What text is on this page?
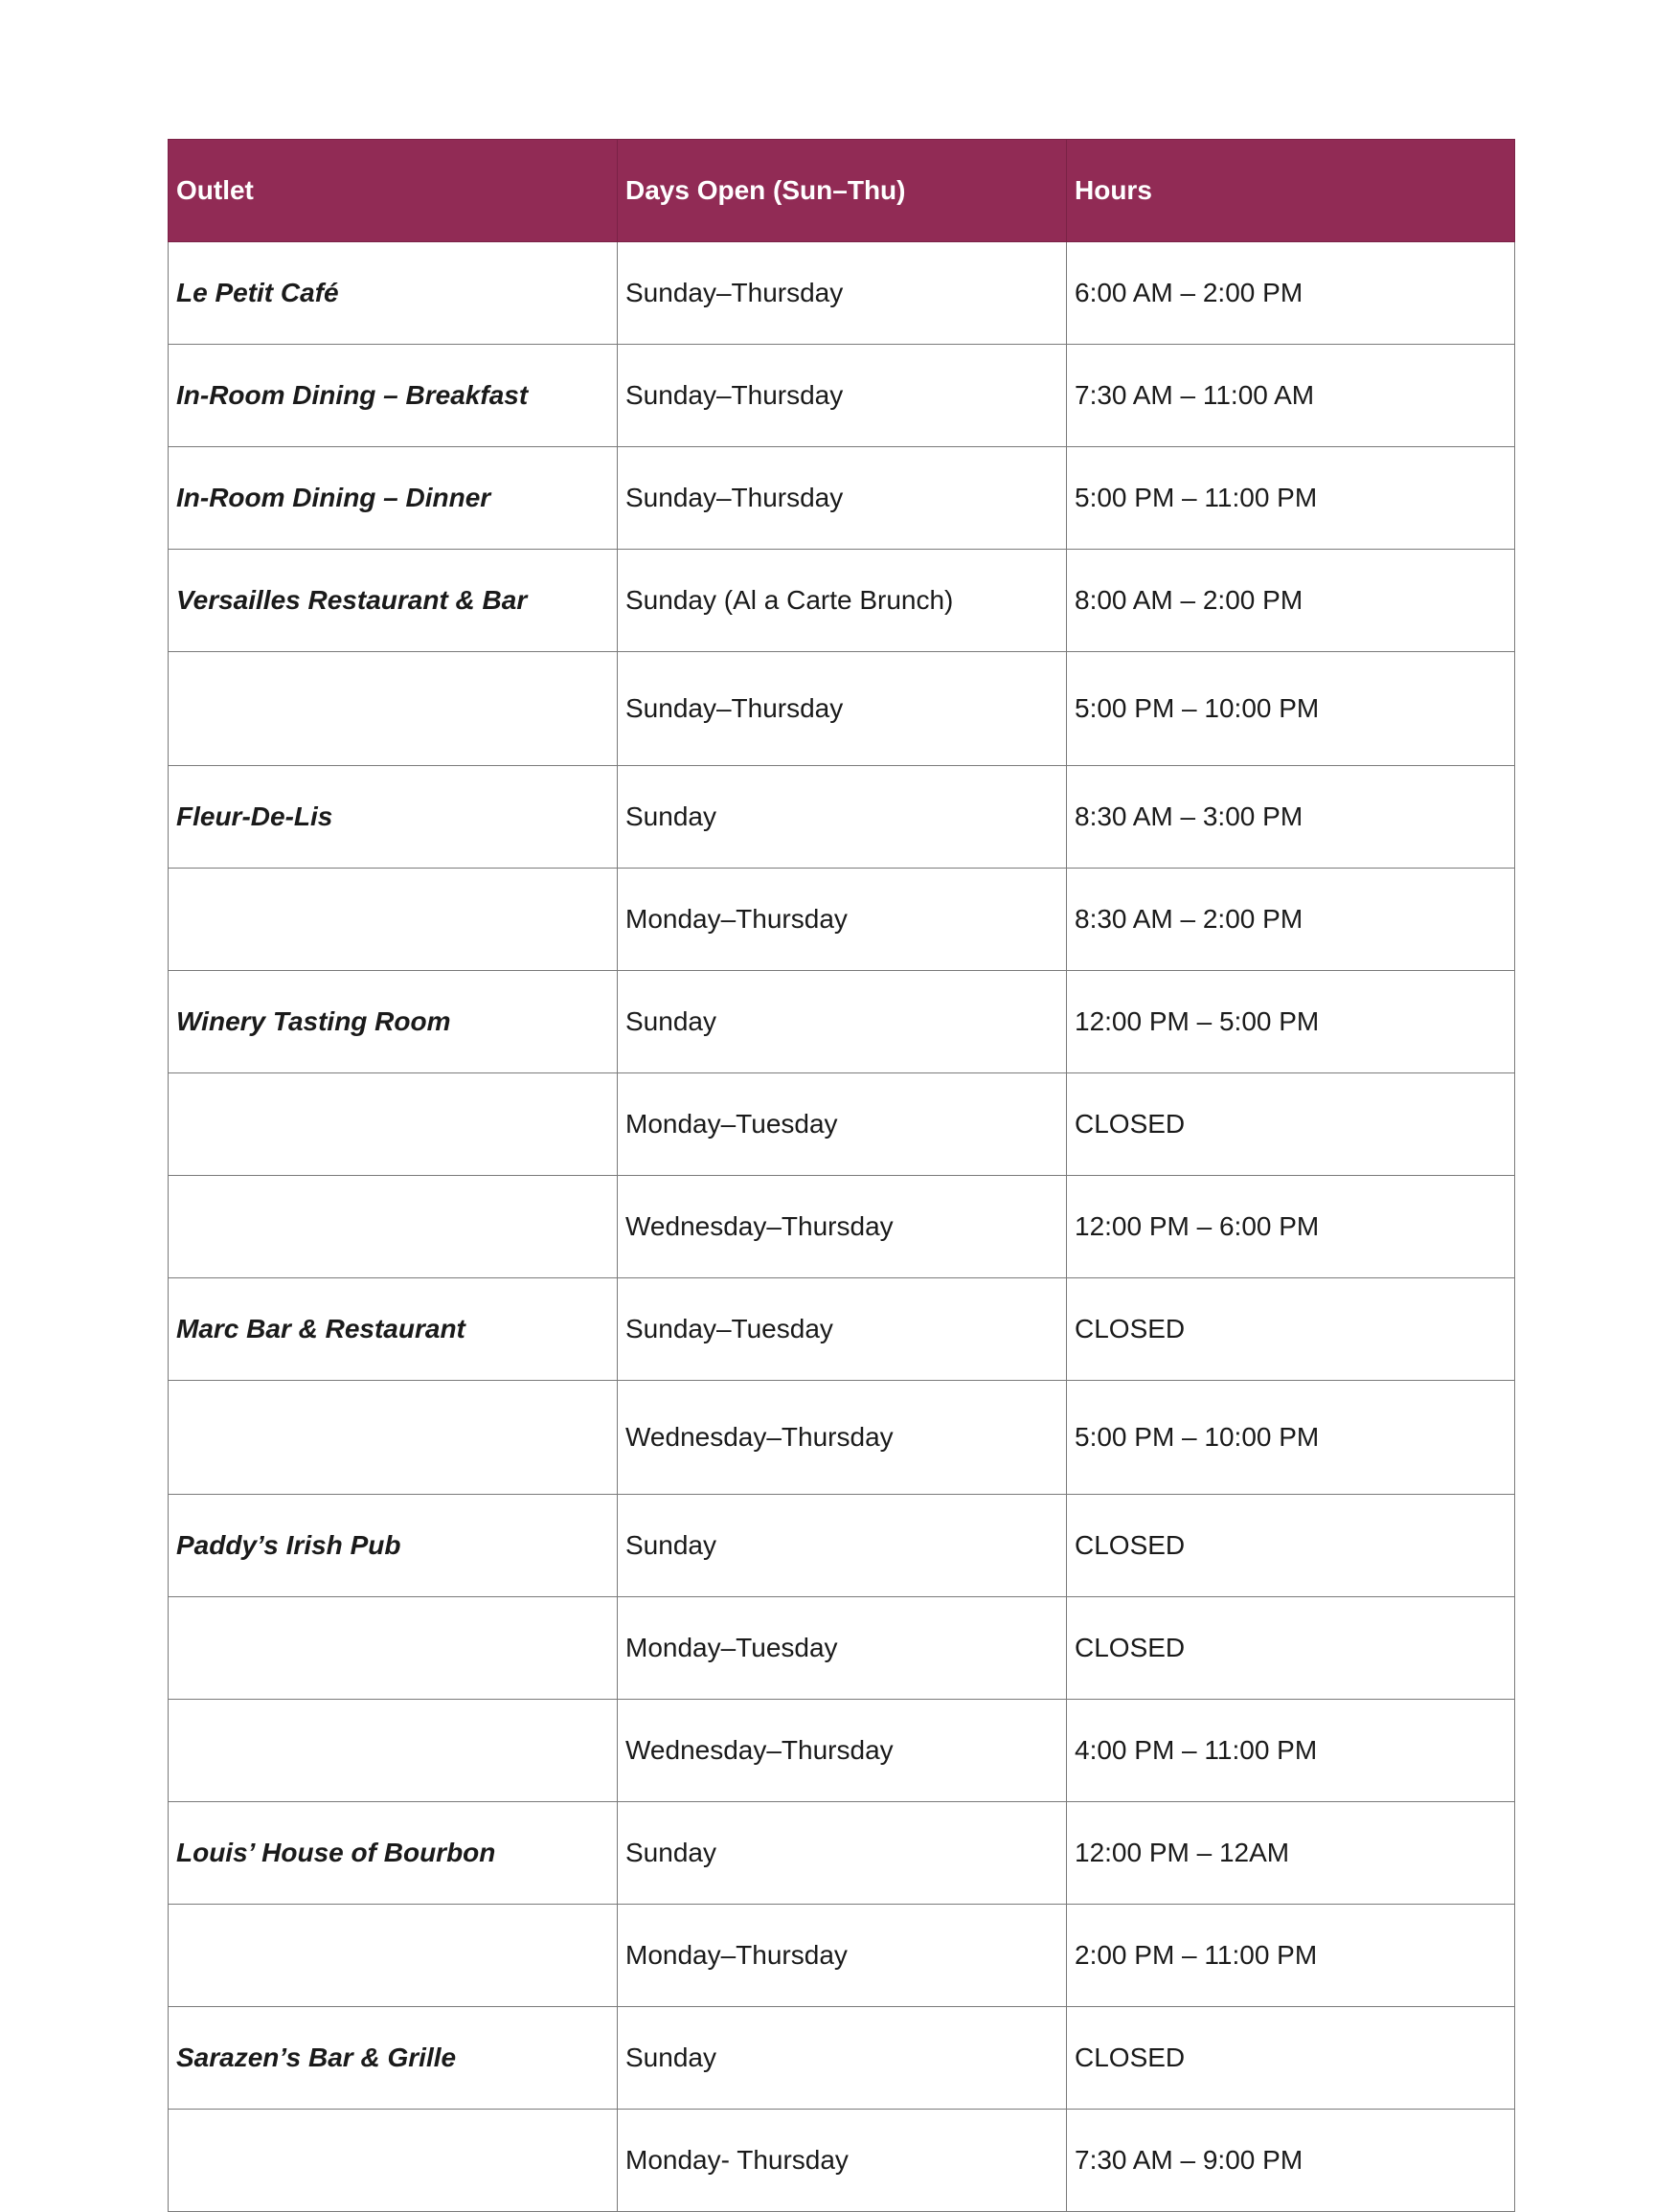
Outlet	Days Open (Sun–Thu)	Hours
Le Petit Café	Sunday–Thursday	6:00 AM – 2:00 PM
In-Room Dining – Breakfast	Sunday–Thursday	7:30 AM – 11:00 AM
In-Room Dining – Dinner	Sunday–Thursday	5:00 PM – 11:00 PM
Versailles Restaurant & Bar	Sunday (Al a Carte Brunch)	8:00 AM – 2:00 PM
	Sunday–Thursday	5:00 PM – 10:00 PM
Fleur-De-Lis	Sunday	8:30 AM – 3:00 PM
	Monday–Thursday	8:30 AM – 2:00 PM
Winery Tasting Room	Sunday	12:00 PM – 5:00 PM
	Monday–Tuesday	CLOSED
	Wednesday–Thursday	12:00 PM – 6:00 PM
Marc Bar & Restaurant	Sunday–Tuesday	CLOSED
	Wednesday–Thursday	5:00 PM – 10:00 PM
Paddy’s Irish Pub	Sunday	CLOSED
	Monday–Tuesday	CLOSED
	Wednesday–Thursday	4:00 PM – 11:00 PM
Louis’ House of Bourbon	Sunday	12:00 PM – 12AM
	Monday–Thursday	2:00 PM – 11:00 PM
Sarazen’s Bar & Grille	Sunday	CLOSED
	Monday- Thursday	7:30 AM – 9:00 PM
